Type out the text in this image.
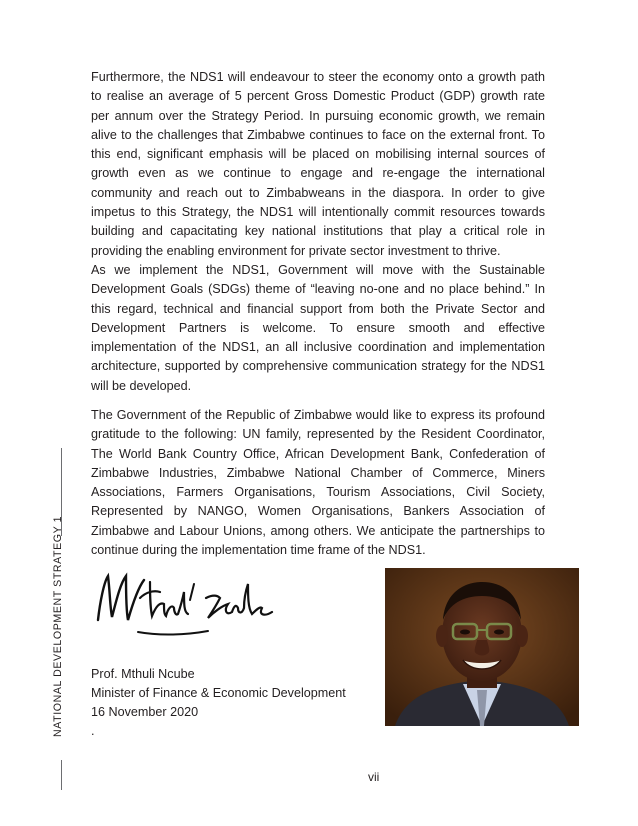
Furthermore, the NDS1 will endeavour to steer the economy onto a growth path to realise an average of 5 percent Gross Domestic Product (GDP) growth rate per annum over the Strategy Period. In pursuing economic growth, we remain alive to the challenges that Zimbabwe continues to face on the external front. To this end, significant emphasis will be placed on mobilising internal sources of growth even as we continue to engage and re-engage the international community and reach out to Zimbabweans in the diaspora. In order to give impetus to this Strategy, the NDS1 will intentionally commit resources towards building and capacitating key national institutions that play a critical role in providing the enabling environment for private sector investment to thrive.

As we implement the NDS1, Government will move with the Sustainable Development Goals (SDGs) theme of “leaving no-one and no place behind.” In this regard, technical and financial support from both the Private Sector and Development Partners is welcome. To ensure smooth and effective implementation of the NDS1, an all inclusive coordination and implementation architecture, supported by comprehensive communication strategy for the NDS1 will be developed.

The Government of the Republic of Zimbabwe would like to express its profound gratitude to the following: UN family, represented by the Resident Coordinator, The World Bank Country Office, African Development Bank, Confederation of Zimbabwe Industries, Zimbabwe National Chamber of Commerce, Miners Associations, Farmers Organisations, Tourism Associations, Civil Society, Represented by NANGO, Women Organisations, Bankers Association of Zimbabwe and Labour Unions, among others. We anticipate the partnerships to continue during the implementation time frame of the NDS1.

NATIONAL DEVELOPMENT STRATEGY 1 Prof. Mthuli Ncube
Minister of Finance & Economic Development
16 November 2020
.
vii
